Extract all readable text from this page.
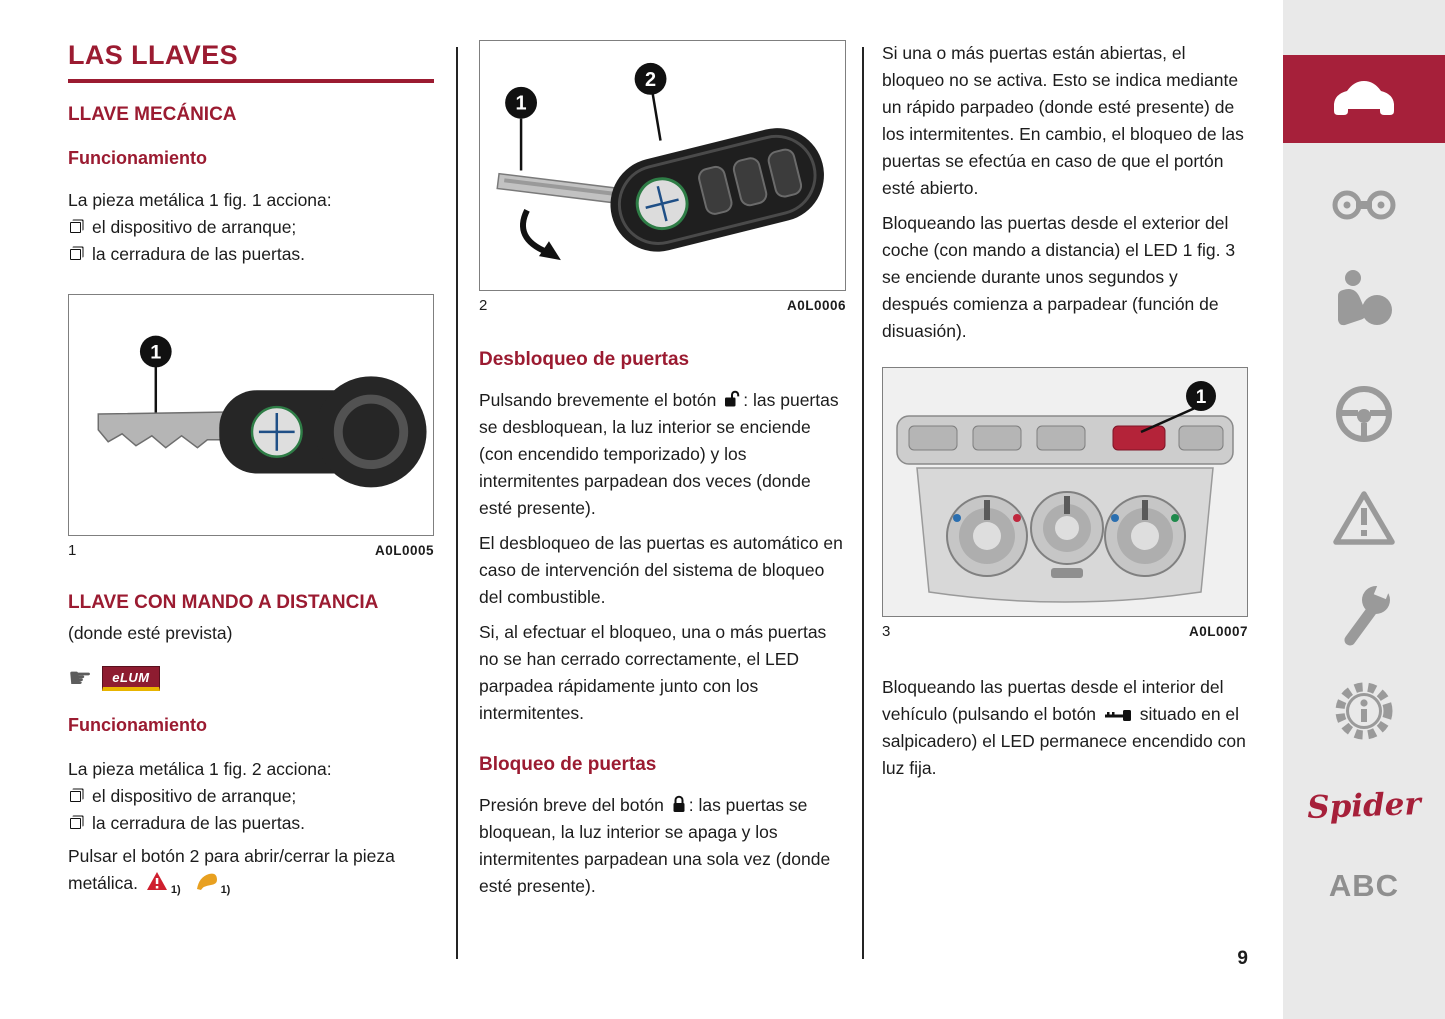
LAS LLAVES
LLAVE MECÁNICA
Funcionamiento

La pieza metálica 1 fig. 1 acciona:

el dispositivo de arranque;
la cerradura de las puertas.
1
1	A0L0005
LLAVE CON MANDO A DISTANCIA

(donde esté prevista)

☛	eLUM
Funcionamiento

La pieza metálica 1 fig. 2 acciona:

el dispositivo de arranque;
la cerradura de las puertas.

Pulsar el botón 2 para abrir/cerrar la pieza metálica.	$_{1)}$	$_{1)}$

1
2
2	A0L0006
Desbloqueo de puertas

Pulsando brevemente el botón : las puertas se desbloquean, la luz interior se enciende (con encendido temporizado) y los intermitentes parpadean dos veces (donde esté presente).

El desbloqueo de las puertas es automático en caso de intervención del sistema de bloqueo del combustible.

Si, al efectuar el bloqueo, una o más puertas no se han cerrado correctamente, el LED parpadea rápidamente junto con los intermitentes.

Bloqueo de puertas

Presión breve del botón : las puertas se bloquean, la luz interior se apaga y los intermitentes parpadean una sola vez (donde esté presente).

Si una o más puertas están abiertas, el bloqueo no se activa. Esto se indica mediante un rápido parpadeo (donde esté presente) de los intermitentes. En cambio, el bloqueo de las puertas se efectúa en caso de que el portón esté abierto.

Bloqueando las puertas desde el exterior del coche (con mando a distancia) el LED 1 fig. 3 se enciende durante unos segundos y después comienza a parpadear (función de disuasión).

1
3	A0L0007

Bloqueando las puertas desde el interior del vehículo (pulsando el botón	situado en el salpicadero) el LED permanece encendido con luz fija.

Spider
ABC
9
